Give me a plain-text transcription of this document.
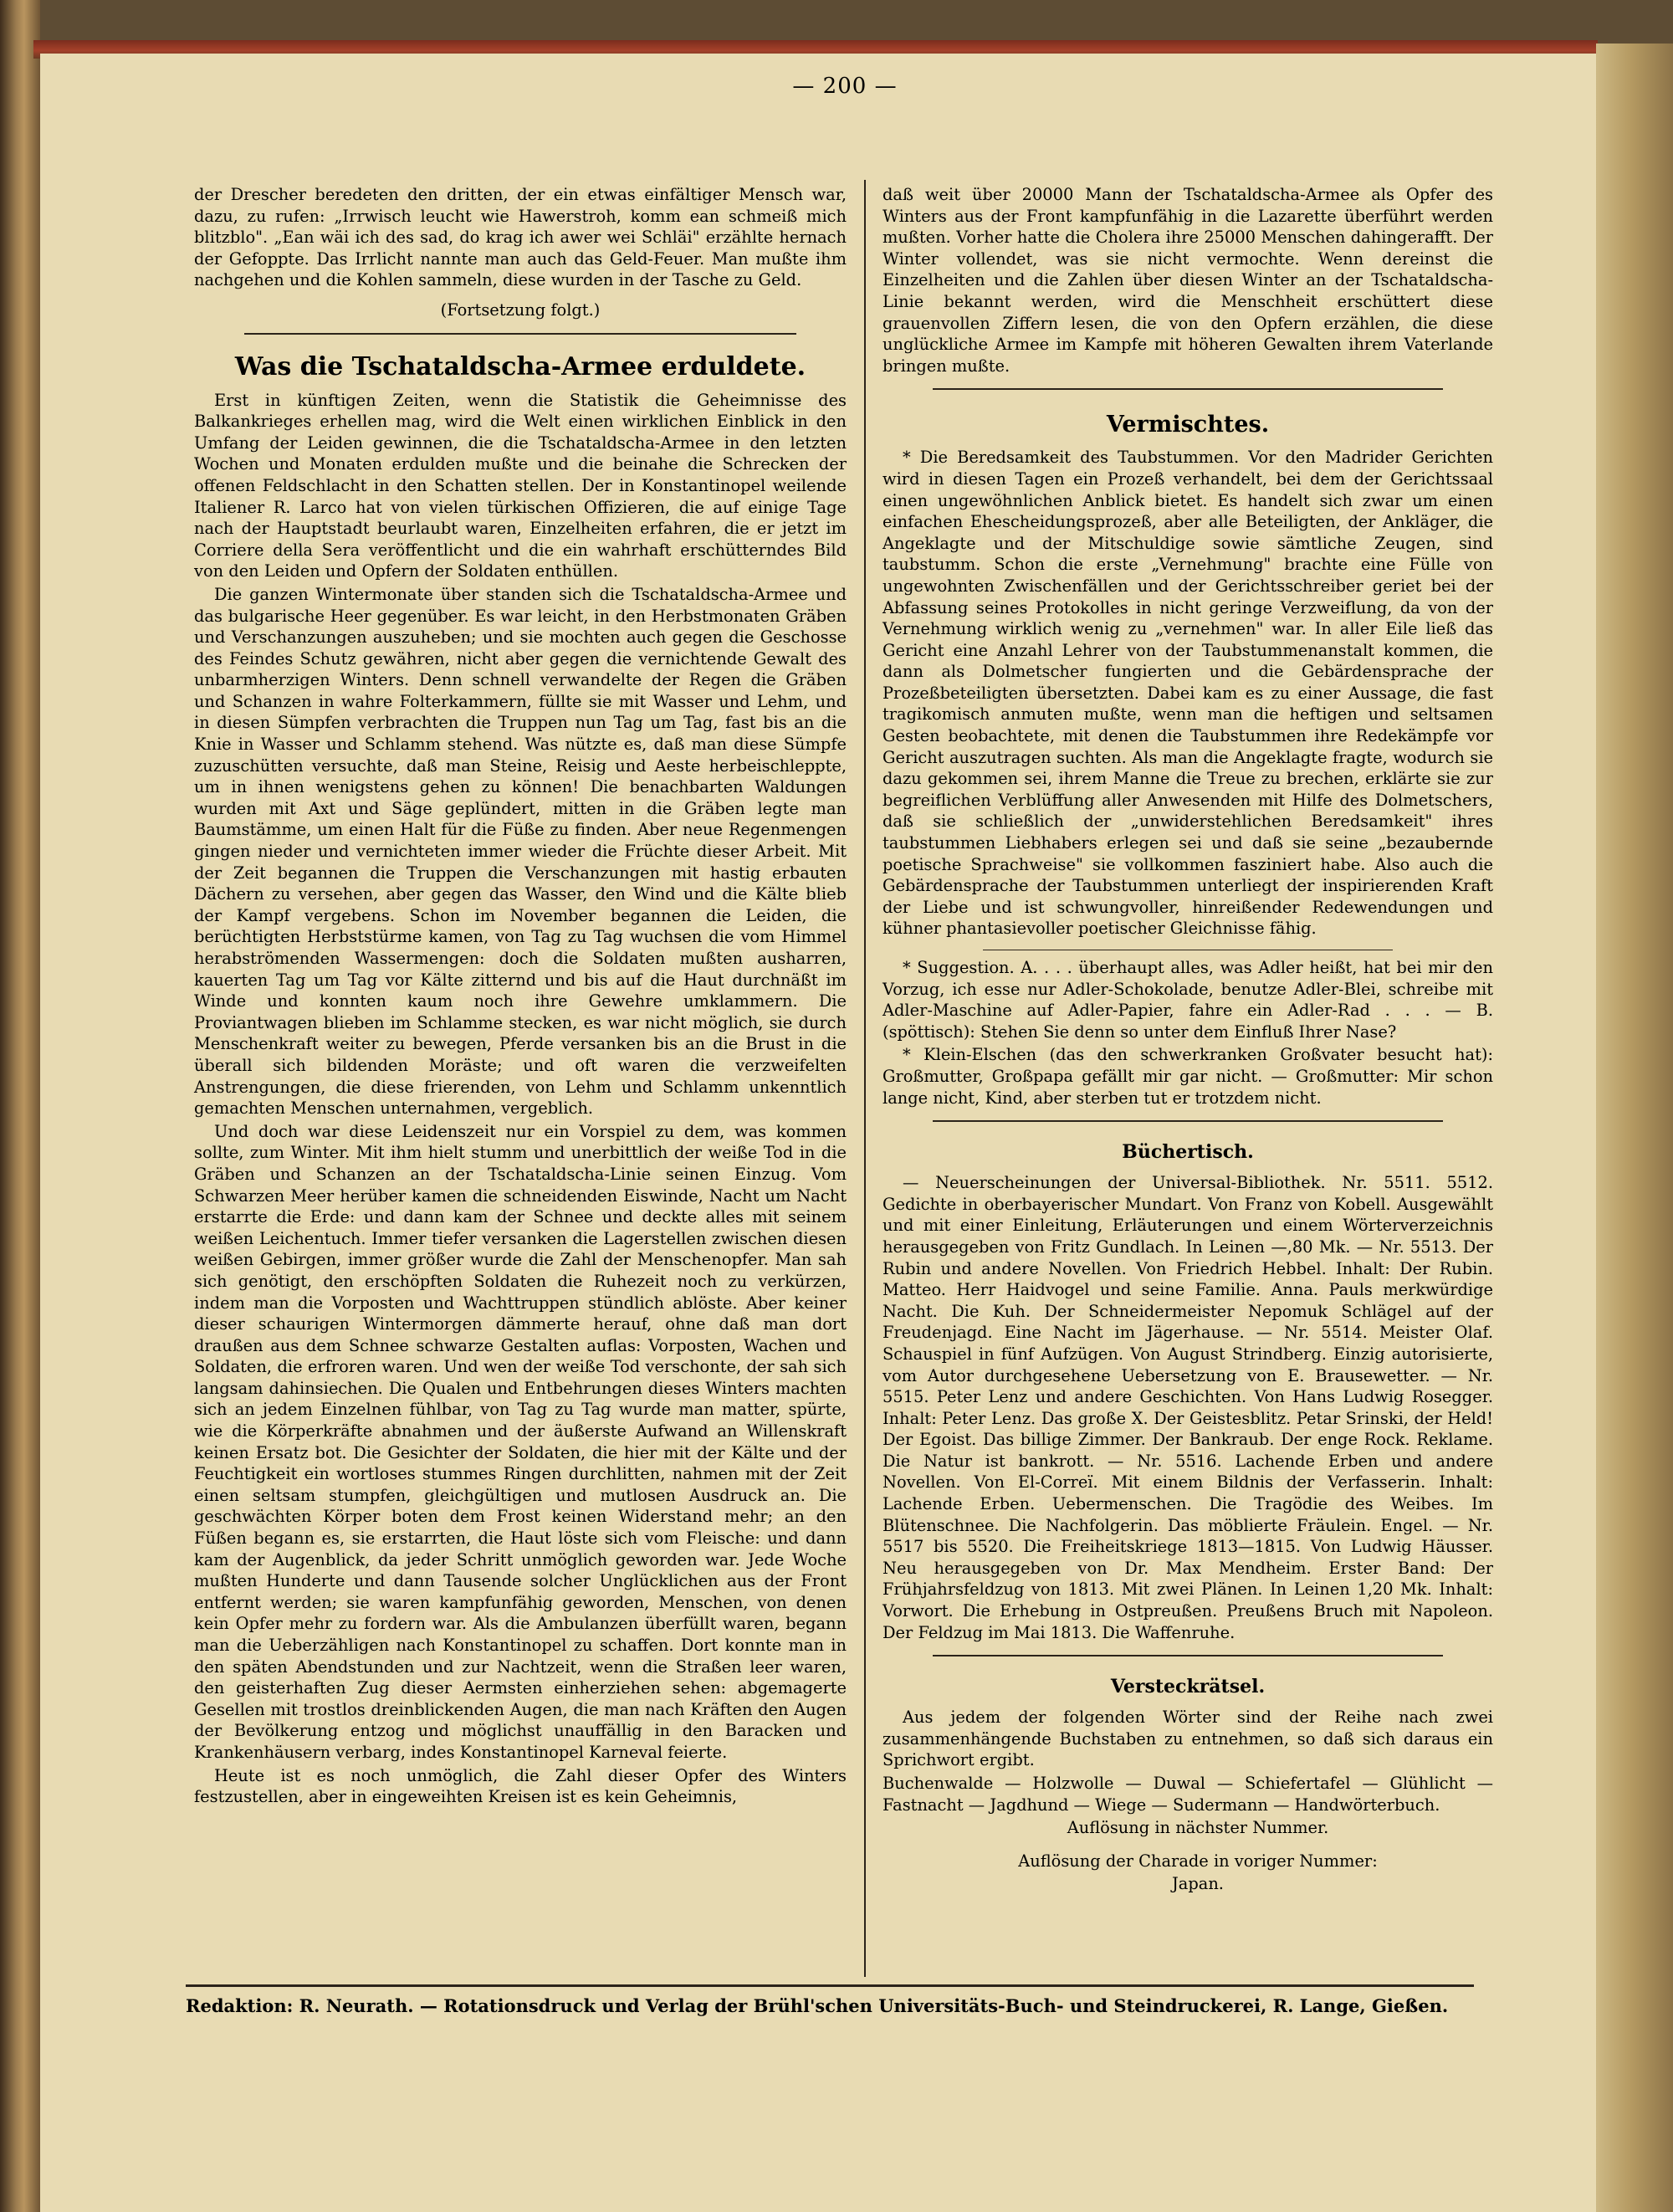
— 200 —

der Drescher beredeten den dritten, der ein etwas einfältiger Mensch war, dazu, zu rufen: „Irrwisch leucht wie Hawerstroh, komm ean schmeiß mich blitzblo". „Ean wäi ich des sad, do krag ich awer wei Schläi" erzählte hernach der Gefoppte. Das Irrlicht nannte man auch das Geld-Feuer. Man mußte ihm nachgehen und die Kohlen sammeln, diese wurden in der Tasche zu Geld.

(Fortsetzung folgt.)
Was die Tschataldscha-Armee erduldete.

Erst in künftigen Zeiten, wenn die Statistik die Geheimnisse des Balkankrieges erhellen mag, wird die Welt einen wirklichen Einblick in den Umfang der Leiden gewinnen, die die Tschataldscha-Armee in den letzten Wochen und Monaten erdulden mußte und die beinahe die Schrecken der offenen Feldschlacht in den Schatten stellen. Der in Konstantinopel weilende Italiener R. Larco hat von vielen türkischen Offizieren, die auf einige Tage nach der Hauptstadt beurlaubt waren, Einzelheiten erfahren, die er jetzt im Corriere della Sera veröffentlicht und die ein wahrhaft erschütterndes Bild von den Leiden und Opfern der Soldaten enthüllen.

Die ganzen Wintermonate über standen sich die Tschataldscha-Armee und das bulgarische Heer gegenüber. Es war leicht, in den Herbstmonaten Gräben und Verschanzungen auszuheben; und sie mochten auch gegen die Geschosse des Feindes Schutz gewähren, nicht aber gegen die vernichtende Gewalt des unbarmherzigen Winters. Denn schnell verwandelte der Regen die Gräben und Schanzen in wahre Folterkammern, füllte sie mit Wasser und Lehm, und in diesen Sümpfen verbrachten die Truppen nun Tag um Tag, fast bis an die Knie in Wasser und Schlamm stehend. Was nützte es, daß man diese Sümpfe zuzuschütten versuchte, daß man Steine, Reisig und Aeste herbeischleppte, um in ihnen wenigstens gehen zu können! Die benachbarten Waldungen wurden mit Axt und Säge geplündert, mitten in die Gräben legte man Baumstämme, um einen Halt für die Füße zu finden. Aber neue Regenmengen gingen nieder und vernichteten immer wieder die Früchte dieser Arbeit. Mit der Zeit begannen die Truppen die Verschanzungen mit hastig erbauten Dächern zu versehen, aber gegen das Wasser, den Wind und die Kälte blieb der Kampf vergebens. Schon im November begannen die Leiden, die berüchtigten Herbststürme kamen, von Tag zu Tag wuchsen die vom Himmel herabströmenden Wassermengen: doch die Soldaten mußten ausharren, kauerten Tag um Tag vor Kälte zitternd und bis auf die Haut durchnäßt im Winde und konnten kaum noch ihre Gewehre umklammern. Die Proviantwagen blieben im Schlamme stecken, es war nicht möglich, sie durch Menschenkraft weiter zu bewegen, Pferde versanken bis an die Brust in die überall sich bildenden Moräste; und oft waren die verzweifelten Anstrengungen, die diese frierenden, von Lehm und Schlamm unkenntlich gemachten Menschen unternahmen, vergeblich.

Und doch war diese Leidenszeit nur ein Vorspiel zu dem, was kommen sollte, zum Winter. Mit ihm hielt stumm und unerbittlich der weiße Tod in die Gräben und Schanzen an der Tschataldscha-Linie seinen Einzug. Vom Schwarzen Meer herüber kamen die schneidenden Eiswinde, Nacht um Nacht erstarrte die Erde: und dann kam der Schnee und deckte alles mit seinem weißen Leichentuch. Immer tiefer versanken die Lagerstellen zwischen diesen weißen Gebirgen, immer größer wurde die Zahl der Menschenopfer. Man sah sich genötigt, den erschöpften Soldaten die Ruhezeit noch zu verkürzen, indem man die Vorposten und Wachttruppen stündlich ablöste. Aber keiner dieser schaurigen Wintermorgen dämmerte herauf, ohne daß man dort draußen aus dem Schnee schwarze Gestalten auflas: Vorposten, Wachen und Soldaten, die erfroren waren. Und wen der weiße Tod verschonte, der sah sich langsam dahinsiechen. Die Qualen und Entbehrungen dieses Winters machten sich an jedem Einzelnen fühlbar, von Tag zu Tag wurde man matter, spürte, wie die Körperkräfte abnahmen und der äußerste Aufwand an Willenskraft keinen Ersatz bot. Die Gesichter der Soldaten, die hier mit der Kälte und der Feuchtigkeit ein wortloses stummes Ringen durchlitten, nahmen mit der Zeit einen seltsam stumpfen, gleichgültigen und mutlosen Ausdruck an. Die geschwächten Körper boten dem Frost keinen Widerstand mehr; an den Füßen begann es, sie erstarrten, die Haut löste sich vom Fleische: und dann kam der Augenblick, da jeder Schritt unmöglich geworden war. Jede Woche mußten Hunderte und dann Tausende solcher Unglücklichen aus der Front entfernt werden; sie waren kampfunfähig geworden, Menschen, von denen kein Opfer mehr zu fordern war. Als die Ambulanzen überfüllt waren, begann man die Ueberzähligen nach Konstantinopel zu schaffen. Dort konnte man in den späten Abendstunden und zur Nachtzeit, wenn die Straßen leer waren, den geisterhaften Zug dieser Aermsten einherziehen sehen: abgemagerte Gesellen mit trostlos dreinblickenden Augen, die man nach Kräften den Augen der Bevölkerung entzog und möglichst unauffällig in den Baracken und Krankenhäusern verbarg, indes Konstantinopel Karneval feierte.

Heute ist es noch unmöglich, die Zahl dieser Opfer des Winters festzustellen, aber in eingeweihten Kreisen ist es kein Geheimnis,

daß weit über 20000 Mann der Tschataldscha-Armee als Opfer des Winters aus der Front kampfunfähig in die Lazarette überführt werden mußten. Vorher hatte die Cholera ihre 25000 Menschen dahingerafft. Der Winter vollendet, was sie nicht vermochte. Wenn dereinst die Einzelheiten und die Zahlen über diesen Winter an der Tschataldscha-Linie bekannt werden, wird die Menschheit erschüttert diese grauenvollen Ziffern lesen, die von den Opfern erzählen, die diese unglückliche Armee im Kampfe mit höheren Gewalten ihrem Vaterlande bringen mußte.

Vermischtes.

* Die Beredsamkeit des Taubstummen. Vor den Madrider Gerichten wird in diesen Tagen ein Prozeß verhandelt, bei dem der Gerichtssaal einen ungewöhnlichen Anblick bietet. Es handelt sich zwar um einen einfachen Ehescheidungsprozeß, aber alle Beteiligten, der Ankläger, die Angeklagte und der Mitschuldige sowie sämtliche Zeugen, sind taubstumm. Schon die erste „Vernehmung" brachte eine Fülle von ungewohnten Zwischenfällen und der Gerichtsschreiber geriet bei der Abfassung seines Protokolles in nicht geringe Verzweiflung, da von der Vernehmung wirklich wenig zu „vernehmen" war. In aller Eile ließ das Gericht eine Anzahl Lehrer von der Taubstummenanstalt kommen, die dann als Dolmetscher fungierten und die Gebärdensprache der Prozeßbeteiligten übersetzten. Dabei kam es zu einer Aussage, die fast tragikomisch anmuten mußte, wenn man die heftigen und seltsamen Gesten beobachtete, mit denen die Taubstummen ihre Redekämpfe vor Gericht auszutragen suchten. Als man die Angeklagte fragte, wodurch sie dazu gekommen sei, ihrem Manne die Treue zu brechen, erklärte sie zur begreiflichen Verblüffung aller Anwesenden mit Hilfe des Dolmetschers, daß sie schließlich der „unwiderstehlichen Beredsamkeit" ihres taubstummen Liebhabers erlegen sei und daß sie seine „bezaubernde poetische Sprachweise" sie vollkommen fasziniert habe. Also auch die Gebärdensprache der Taubstummen unterliegt der inspirierenden Kraft der Liebe und ist schwungvoller, hinreißender Redewendungen und kühner phantasievoller poetischer Gleichnisse fähig.

* Suggestion. A. . . . überhaupt alles, was Adler heißt, hat bei mir den Vorzug, ich esse nur Adler-Schokolade, benutze Adler-Blei, schreibe mit Adler-Maschine auf Adler-Papier, fahre ein Adler-Rad . . . — B. (spöttisch): Stehen Sie denn so unter dem Einfluß Ihrer Nase?

* Klein-Elschen (das den schwerkranken Großvater besucht hat): Großmutter, Großpapa gefällt mir gar nicht. — Großmutter: Mir schon lange nicht, Kind, aber sterben tut er trotzdem nicht.

Büchertisch.

— Neuerscheinungen der Universal-Bibliothek. Nr. 5511. 5512. Gedichte in oberbayerischer Mundart. Von Franz von Kobell. Ausgewählt und mit einer Einleitung, Erläuterungen und einem Wörterverzeichnis herausgegeben von Fritz Gundlach. In Leinen —,80 Mk. — Nr. 5513. Der Rubin und andere Novellen. Von Friedrich Hebbel. Inhalt: Der Rubin. Matteo. Herr Haidvogel und seine Familie. Anna. Pauls merkwürdige Nacht. Die Kuh. Der Schneidermeister Nepomuk Schlägel auf der Freudenjagd. Eine Nacht im Jägerhause. — Nr. 5514. Meister Olaf. Schauspiel in fünf Aufzügen. Von August Strindberg. Einzig autorisierte, vom Autor durchgesehene Uebersetzung von E. Brausewetter. — Nr. 5515. Peter Lenz und andere Geschichten. Von Hans Ludwig Rosegger. Inhalt: Peter Lenz. Das große X. Der Geistesblitz. Petar Srinski, der Held! Der Egoist. Das billige Zimmer. Der Bankraub. Der enge Rock. Reklame. Die Natur ist bankrott. — Nr. 5516. Lachende Erben und andere Novellen. Von El-Correï. Mit einem Bildnis der Verfasserin. Inhalt: Lachende Erben. Uebermenschen. Die Tragödie des Weibes. Im Blütenschnee. Die Nachfolgerin. Das möblierte Fräulein. Engel. — Nr. 5517 bis 5520. Die Freiheitskriege 1813—1815. Von Ludwig Häusser. Neu herausgegeben von Dr. Max Mendheim. Erster Band: Der Frühjahrsfeldzug von 1813. Mit zwei Plänen. In Leinen 1,20 Mk. Inhalt: Vorwort. Die Erhebung in Ostpreußen. Preußens Bruch mit Napoleon. Der Feldzug im Mai 1813. Die Waffenruhe.

Versteckrätsel.

Aus jedem der folgenden Wörter sind der Reihe nach zwei zusammenhängende Buchstaben zu entnehmen, so daß sich daraus ein Sprichwort ergibt.

Buchenwalde — Holzwolle — Duwal — Schiefertafel — Glühlicht — Fastnacht — Jagdhund — Wiege — Sudermann — Handwörterbuch.

Auflösung in nächster Nummer.

Auflösung der Charade in voriger Nummer:

Japan.

Redaktion: R. Neurath. — Rotationsdruck und Verlag der Brühl'schen Universitäts-Buch- und Steindruckerei, R. Lange, Gießen.
